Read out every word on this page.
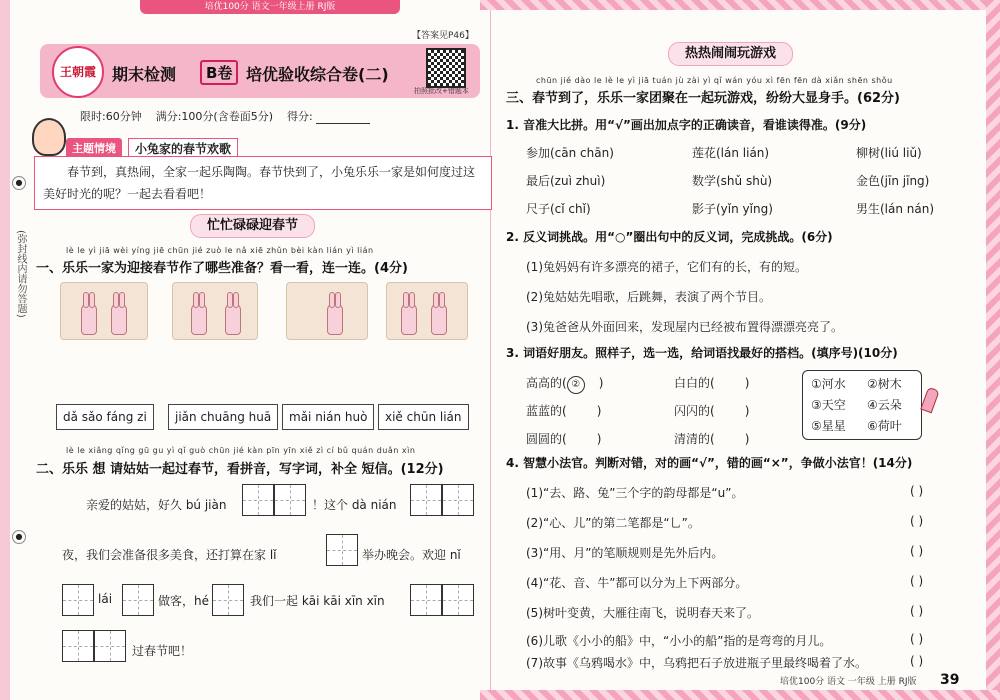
培优100分 语文一年级上册 RJ版
●
(弥封线内请勿答题)
●
【答案见P46】
王朝霞	期末检测	B卷 培优验收综合卷(二)
拍照批改+错题本
限时:60分钟 满分:100分(含卷面5分) 得分:
主题情境	小兔家的春节欢歌
春节到，真热闹，全家一起乐陶陶。春节快到了，小兔乐乐一家是如何度过这美好时光的呢？一起去看看吧！
忙忙碌碌迎春节
lè le yì jiā wèi yíng jiē chūn jié zuò le nǎ xiē zhǔn bèi kàn lián yì lián
一、乐乐一家为迎接春节作了哪些准备？看一看，连一连。(4分)
dǎ sǎo fáng zi	jiǎn chuāng huā	mǎi nián huò	xiě chūn lián
lè le xiǎng qǐng gū gu yì qǐ guò chūn jié kàn pīn yīn xiě zì cí bǔ quán duǎn xìn
二、乐乐 想 请姑姑一起过春节，看拼音，写字词，补全 短信。(12分)
亲爱的姑姑，好久 bú jiàn	！这个 dà nián
夜，我们会准备很多美食，还打算在家 lǐ	举办晚会。欢迎 nǐ
lái	做客，hé	我们一起 kāi kāi xīn xīn
过春节吧！
热热闹闹玩游戏
chūn jié dào le lè le yì jiā tuán jù zài yì qǐ wán yóu xì fēn fēn dà xiǎn shēn shǒu
三、春节到了，乐乐一家团聚在一起玩游戏，纷纷大显身手。(62分)
1. 音准大比拼。用“√”画出加点字的正确读音，看谁读得准。(9分)
参加(cān chān)	莲花(lán lián)	柳树(liú liǔ)
最后(zuì zhuì)	数学(shǔ shù)	金色(jīn jīng)
尺子(cǐ chǐ)	影子(yǐn yǐng)	男生(lán nán)
2. 反义词挑战。用“○”圈出句中的反义词，完成挑战。(6分)
(1)兔妈妈有许多漂亮的裙子，它们有的长，有的短。
(2)兔姑姑先唱歌，后跳舞，表演了两个节目。
(3)兔爸爸从外面回来，发现屋内已经被布置得漂漂亮亮了。
3. 词语好朋友。照样子，选一选，给词语找最好的搭档。(填序号)(10分)
高高的( ② )	白白的(	)
蓝蓝的(	)	闪闪的(	)
圆圆的(	)	清清的(	)
①河水 ②树木
③天空 ④云朵
⑤星星 ⑥荷叶
4. 智慧小法官。判断对错，对的画“√”，错的画“×”，争做小法官！(14分)
(1)“去、路、兔”三个字的韵母都是“u”。	( )
(2)“心、儿”的第二笔都是“乚”。	( )
(3)“用、月”的笔顺规则是先外后内。	( )
(4)“花、音、牛”都可以分为上下两部分。	( )
(5)树叶变黄，大雁往南飞，说明春天来了。	( )
(6)儿歌《小小的船》中，“小小的船”指的是弯弯的月儿。	( )
(7)故事《乌鸦喝水》中，乌鸦把石子放进瓶子里最终喝着了水。	( )
培优100分 语文 一年级 上册 RJ版 39
